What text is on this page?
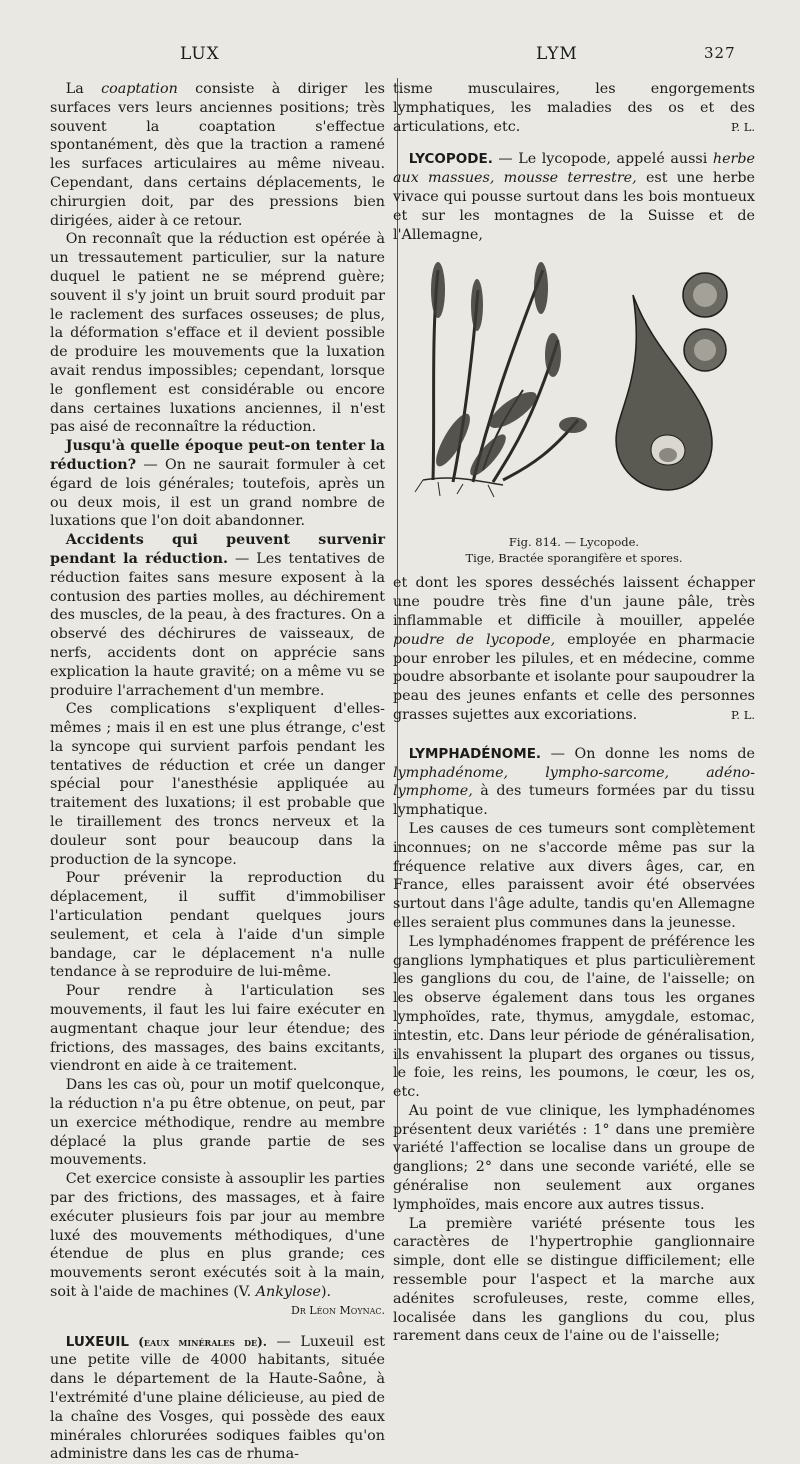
LUX	LYM	327

La coaptation consiste à diriger les surfaces vers leurs anciennes positions; très souvent la coaptation s'effectue spontanément, dès que la traction a ramené les surfaces articulaires au même niveau. Cependant, dans certains déplacements, le chirurgien doit, par des pressions bien dirigées, aider à ce retour.

On reconnaît que la réduction est opérée à un tressautement particulier, sur la nature duquel le patient ne se méprend guère; souvent il s'y joint un bruit sourd produit par le raclement des surfaces osseuses; de plus, la déformation s'efface et il devient possible de produire les mouvements que la luxation avait rendus impossibles; cependant, lorsque le gonflement est considérable ou encore dans certaines luxations anciennes, il n'est pas aisé de reconnaître la réduction.

Jusqu'à quelle époque peut-on tenter la réduction? — On ne saurait formuler à cet égard de lois générales; toutefois, après un ou deux mois, il est un grand nombre de luxations que l'on doit abandonner.

Accidents qui peuvent survenir pendant la réduction. — Les tentatives de réduction faites sans mesure exposent à la contusion des parties molles, au déchirement des muscles, de la peau, à des fractures. On a observé des déchirures de vaisseaux, de nerfs, accidents dont on apprécie sans explication la haute gravité; on a même vu se produire l'arrachement d'un membre.

Ces complications s'expliquent d'elles-mêmes ; mais il en est une plus étrange, c'est la syncope qui survient parfois pendant les tentatives de réduction et crée un danger spécial pour l'anesthésie appliquée au traitement des luxations; il est probable que le tiraillement des troncs nerveux et la douleur sont pour beaucoup dans la production de la syncope.

Pour prévenir la reproduction du déplacement, il suffit d'immobiliser l'articulation pendant quelques jours seulement, et cela à l'aide d'un simple bandage, car le déplacement n'a nulle tendance à se reproduire de lui-même.

Pour rendre à l'articulation ses mouvements, il faut les lui faire exécuter en augmentant chaque jour leur étendue; des frictions, des massages, des bains excitants, viendront en aide à ce traitement.

Dans les cas où, pour un motif quelconque, la réduction n'a pu être obtenue, on peut, par un exercice méthodique, rendre au membre déplacé la plus grande partie de ses mouvements.

Cet exercice consiste à assouplir les parties par des frictions, des massages, et à faire exécuter plusieurs fois par jour au membre luxé des mouvements méthodiques, d'une étendue de plus en plus grande; ces mouvements seront exécutés soit à la main, soit à l'aide de machines (V. Ankylose).

Dr Léon Moynac.

LUXEUIL (eaux minérales de). — Luxeuil est une petite ville de 4000 habitants, située dans le département de la Haute-Saône, à l'extrémité d'une plaine délicieuse, au pied de la chaîne des Vosges, qui possède des eaux minérales chlorurées sodiques faibles qu'on administre dans les cas de rhuma-

tisme musculaires, les engorgements lymphatiques, les maladies des os et des articulations, etc.	P. L.

LYCOPODE. — Le lycopode, appelé aussi herbe aux massues, mousse terrestre, est une herbe vivace qui pousse surtout dans les bois montueux et sur les montagnes de la Suisse et de l'Allemagne,

Fig. 814. — Lycopode.
Tige, Bractée sporangifère et spores.

et dont les spores desséchés laissent échapper une poudre très fine d'un jaune pâle, très inflammable et difficile à mouiller, appelée poudre de lycopode, employée en pharmacie pour enrober les pilules, et en médecine, comme poudre absorbante et isolante pour saupoudrer la peau des jeunes enfants et celle des personnes grasses sujettes aux excoriations.	P. L.

LYMPHADÉNOME. — On donne les noms de lymphadénome, lympho-sarcome, adéno-lymphome, à des tumeurs formées par du tissu lymphatique.

Les causes de ces tumeurs sont complètement inconnues; on ne s'accorde même pas sur la fréquence relative aux divers âges, car, en France, elles paraissent avoir été observées surtout dans l'âge adulte, tandis qu'en Allemagne elles seraient plus communes dans la jeunesse.

Les lymphadénomes frappent de préférence les ganglions lymphatiques et plus particulièrement les ganglions du cou, de l'aine, de l'aisselle; on les observe également dans tous les organes lymphoïdes, rate, thymus, amygdale, estomac, intestin, etc. Dans leur période de généralisation, ils envahissent la plupart des organes ou tissus, le foie, les reins, les poumons, le cœur, les os, etc.

Au point de vue clinique, les lymphadénomes présentent deux variétés : 1° dans une première variété l'affection se localise dans un groupe de ganglions; 2° dans une seconde variété, elle se généralise non seulement aux organes lymphoïdes, mais encore aux autres tissus.

La première variété présente tous les caractères de l'hypertrophie ganglionnaire simple, dont elle se distingue difficilement; elle ressemble pour l'aspect et la marche aux adénites scrofuleuses, reste, comme elles, localisée dans les ganglions du cou, plus rarement dans ceux de l'aine ou de l'aisselle;
